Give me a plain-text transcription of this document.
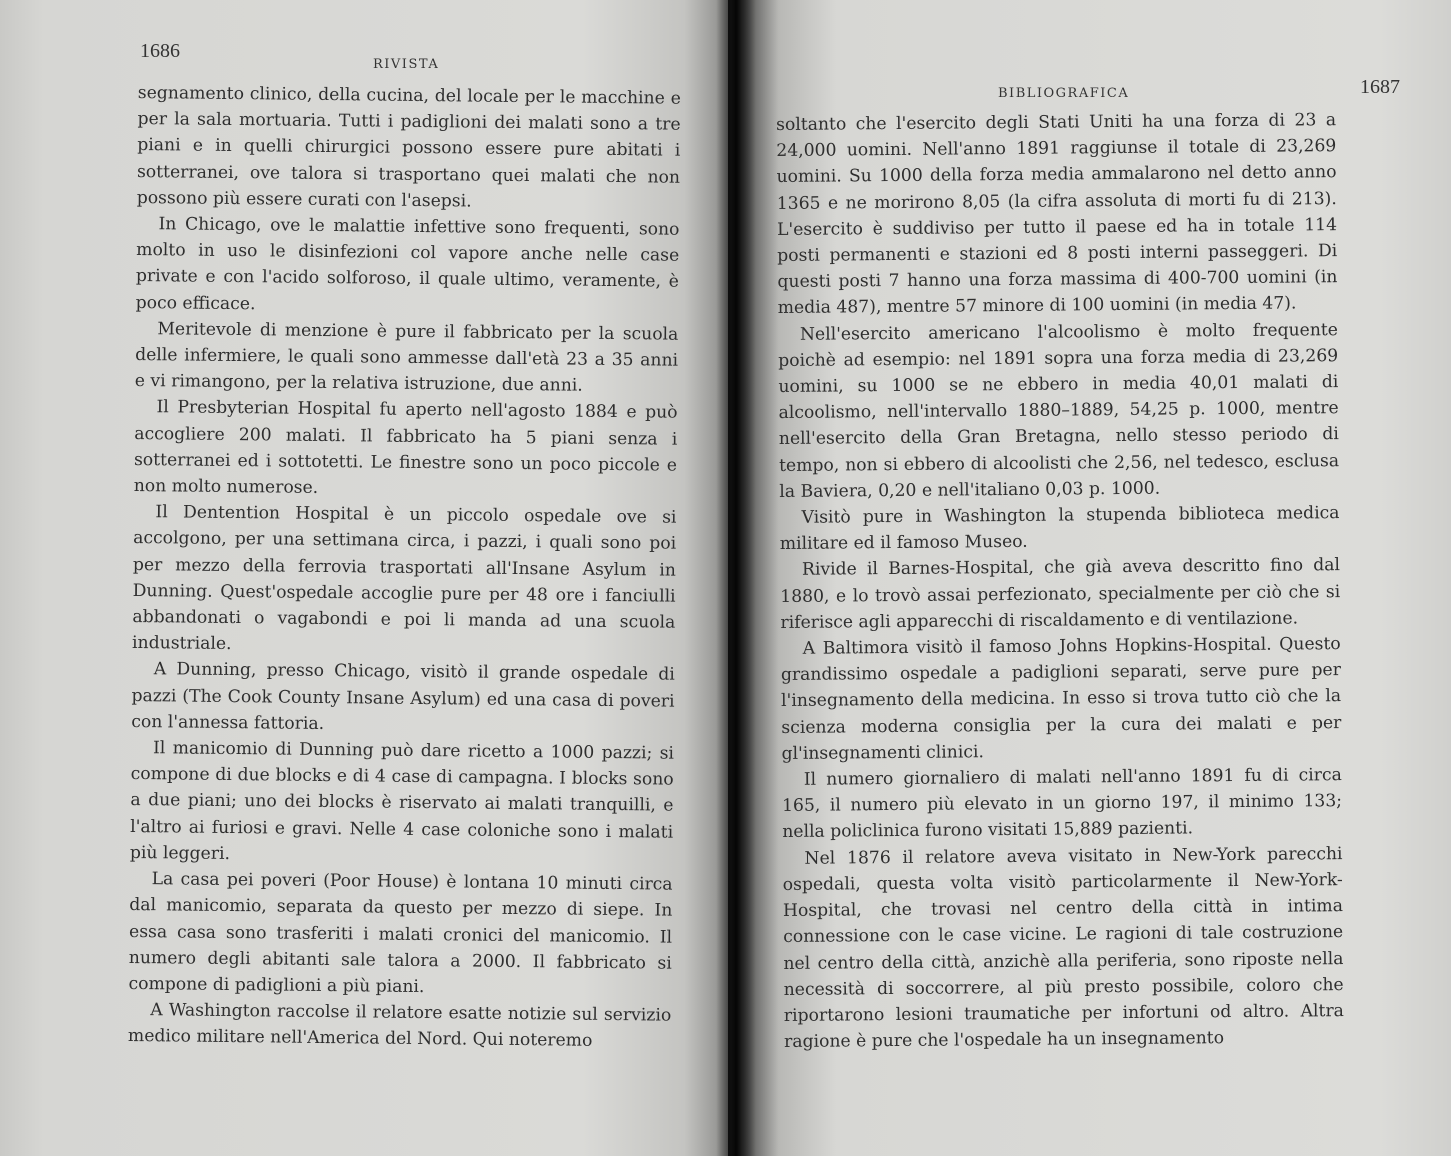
1686
RIVISTA

segnamento clinico, della cucina, del locale per le macchine e per la sala mortuaria. Tutti i padiglioni dei malati sono a tre piani e in quelli chirurgici possono essere pure abitati i sotterranei, ove talora si trasportano quei malati che non possono più essere curati con l'asepsi.

In Chicago, ove le malattie infettive sono frequenti, sono molto in uso le disinfezioni col vapore anche nelle case private e con l'acido solforoso, il quale ultimo, veramente, è poco efficace.

Meritevole di menzione è pure il fabbricato per la scuola delle infermiere, le quali sono ammesse dall'età 23 a 35 anni e vi rimangono, per la relativa istruzione, due anni.

Il Presbyterian Hospital fu aperto nell'agosto 1884 e può accogliere 200 malati. Il fabbricato ha 5 piani senza i sotterranei ed i sottotetti. Le finestre sono un poco piccole e non molto numerose.

Il Dentention Hospital è un piccolo ospedale ove si accolgono, per una settimana circa, i pazzi, i quali sono poi per mezzo della ferrovia trasportati all'Insane Asylum in Dunning. Quest'ospedale accoglie pure per 48 ore i fanciulli abbandonati o vagabondi e poi li manda ad una scuola industriale.

A Dunning, presso Chicago, visitò il grande ospedale di pazzi (The Cook County Insane Asylum) ed una casa di poveri con l'annessa fattoria.

Il manicomio di Dunning può dare ricetto a 1000 pazzi; si compone di due blocks e di 4 case di campagna. I blocks sono a due piani; uno dei blocks è riservato ai malati tranquilli, e l'altro ai furiosi e gravi. Nelle 4 case coloniche sono i malati più leggeri.

La casa pei poveri (Poor House) è lontana 10 minuti circa dal manicomio, separata da questo per mezzo di siepe. In essa casa sono trasferiti i malati cronici del manicomio. Il numero degli abitanti sale talora a 2000. Il fabbricato si compone di padiglioni a più piani.

A Washington raccolse il relatore esatte notizie sul servizio medico militare nell'America del Nord. Qui noteremo

BIBLIOGRAFICA	1687

soltanto che l'esercito degli Stati Uniti ha una forza di 23 a 24,000 uomini. Nell'anno 1891 raggiunse il totale di 23,269 uomini. Su 1000 della forza media ammalarono nel detto anno 1365 e ne morirono 8,05 (la cifra assoluta di morti fu di 213). L'esercito è suddiviso per tutto il paese ed ha in totale 114 posti permanenti e stazioni ed 8 posti interni passeggeri. Di questi posti 7 hanno una forza massima di 400-700 uomini (in media 487), mentre 57 minore di 100 uomini (in media 47).

Nell'esercito americano l'alcoolismo è molto frequente poichè ad esempio: nel 1891 sopra una forza media di 23,269 uomini, su 1000 se ne ebbero in media 40,01 malati di alcoolismo, nell'intervallo 1880–1889, 54,25 p. 1000, mentre nell'esercito della Gran Bretagna, nello stesso periodo di tempo, non si ebbero di alcoolisti che 2,56, nel tedesco, esclusa la Baviera, 0,20 e nell'italiano 0,03 p. 1000.

Visitò pure in Washington la stupenda biblioteca medica militare ed il famoso Museo.

Rivide il Barnes-Hospital, che già aveva descritto fino dal 1880, e lo trovò assai perfezionato, specialmente per ciò che si riferisce agli apparecchi di riscaldamento e di ventilazione.

A Baltimora visitò il famoso Johns Hopkins-Hospital. Questo grandissimo ospedale a padiglioni separati, serve pure per l'insegnamento della medicina. In esso si trova tutto ciò che la scienza moderna consiglia per la cura dei malati e per gl'insegnamenti clinici.

Il numero giornaliero di malati nell'anno 1891 fu di circa 165, il numero più elevato in un giorno 197, il minimo 133; nella policlinica furono visitati 15,889 pazienti.

Nel 1876 il relatore aveva visitato in New-York parecchi ospedali, questa volta visitò particolarmente il New-York-Hospital, che trovasi nel centro della città in intima connessione con le case vicine. Le ragioni di tale costruzione nel centro della città, anzichè alla periferia, sono riposte nella necessità di soccorrere, al più presto possibile, coloro che riportarono lesioni traumatiche per infortuni od altro. Altra ragione è pure che l'ospedale ha un insegnamento
